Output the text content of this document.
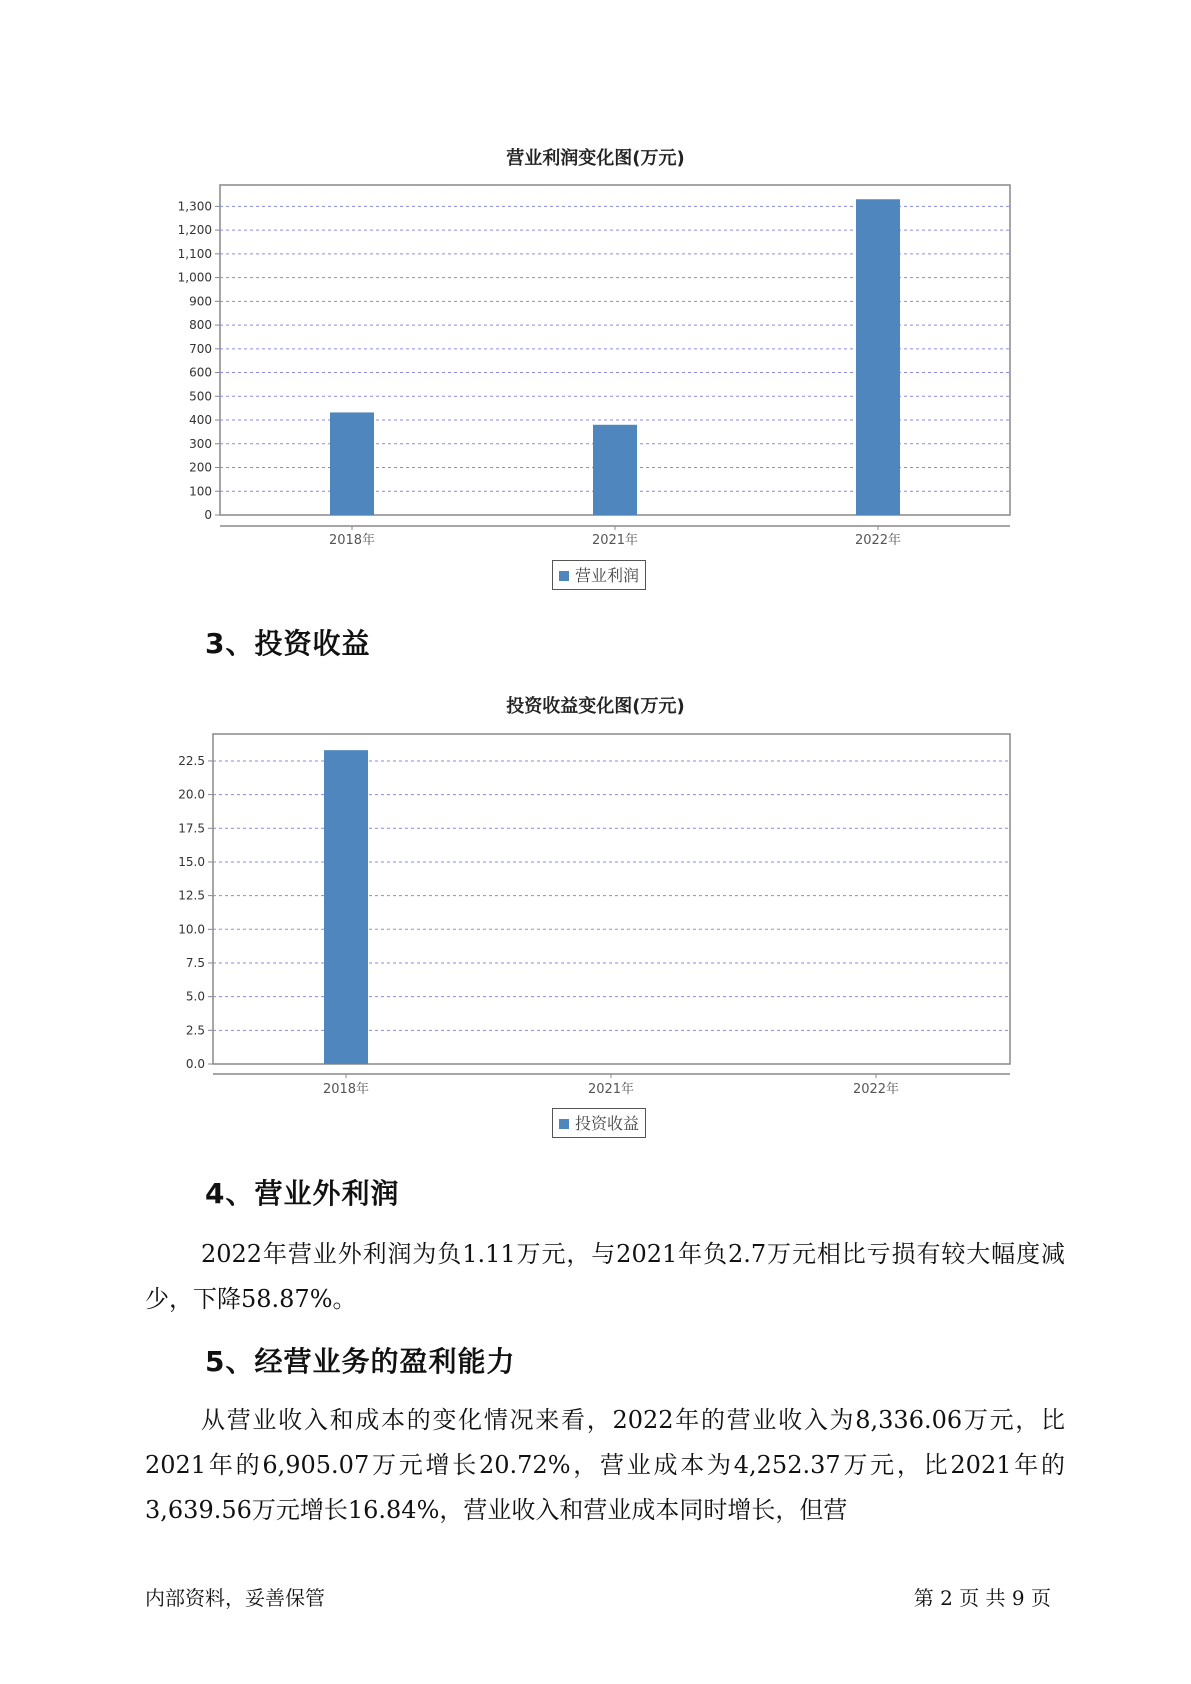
营业利润变化图(万元)
0
100
200
300
400
500
600
700
800
900
1,000
1,100
1,200
1,300
2018年	2021年	2022年
营业利润
3、投资收益
投资收益变化图(万元)
0.0
2.5
5.0
7.5
10.0
12.5
15.0
17.5
20.0
22.5
2018年	2021年	2022年
投资收益
4、营业外利润

2022年营业外利润为负1.11万元，与2021年负2.7万元相比亏损有较大幅度减少，下降58.87%。

5、经营业务的盈利能力

从营业收入和成本的变化情况来看，2022年的营业收入为8,336.06万元，比2021年的6,905.07万元增长20.72%，营业成本为4,252.37万元，比2021年的3,639.56万元增长16.84%，营业收入和营业成本同时增长，但营

内部资料，妥善保管	第 2 页 共 9 页
